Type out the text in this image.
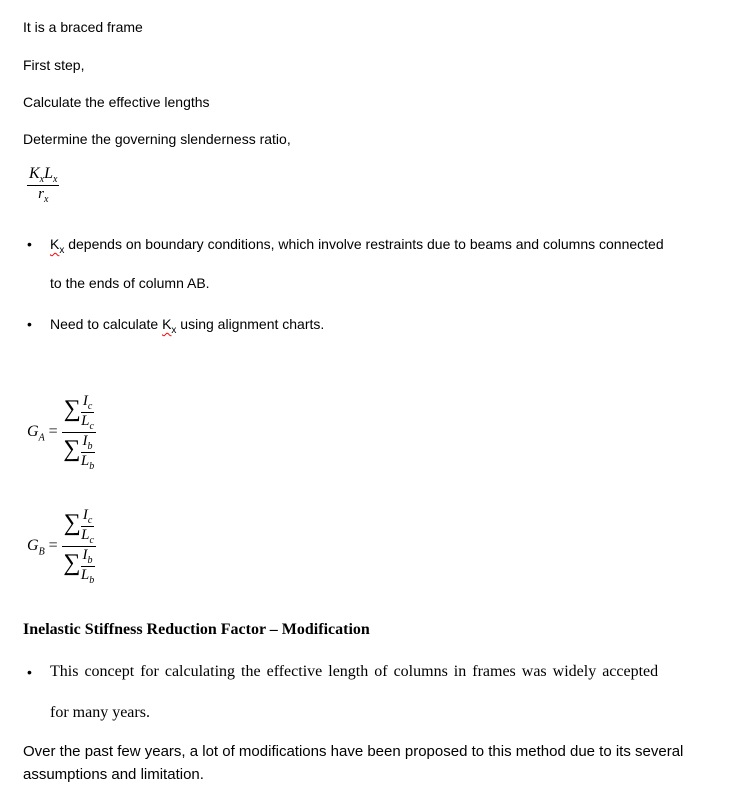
It is a braced frame
First step,
Calculate the effective lengths
Determine the governing slenderness ratio,
$\frac{K_xL_x}{r_x}$
• $K_x$ depends on boundary conditions, which involve restraints due to beams and columns connected
to the ends of column AB.
• Need to calculate $K_x$ using alignment charts.
$G_A = \frac{\sum \frac{I_c}{L_c}}{\sum \frac{I_b}{L_b}}$
$G_B = \frac{\sum \frac{I_c}{L_c}}{\sum \frac{I_b}{L_b}}$
Inelastic Stiffness Reduction Factor – Modification
• This concept for calculating the effective length of columns in frames was widely accepted
for many years.
Over the past few years, a lot of modifications have been proposed to this method due to its several
assumptions and limitation.
